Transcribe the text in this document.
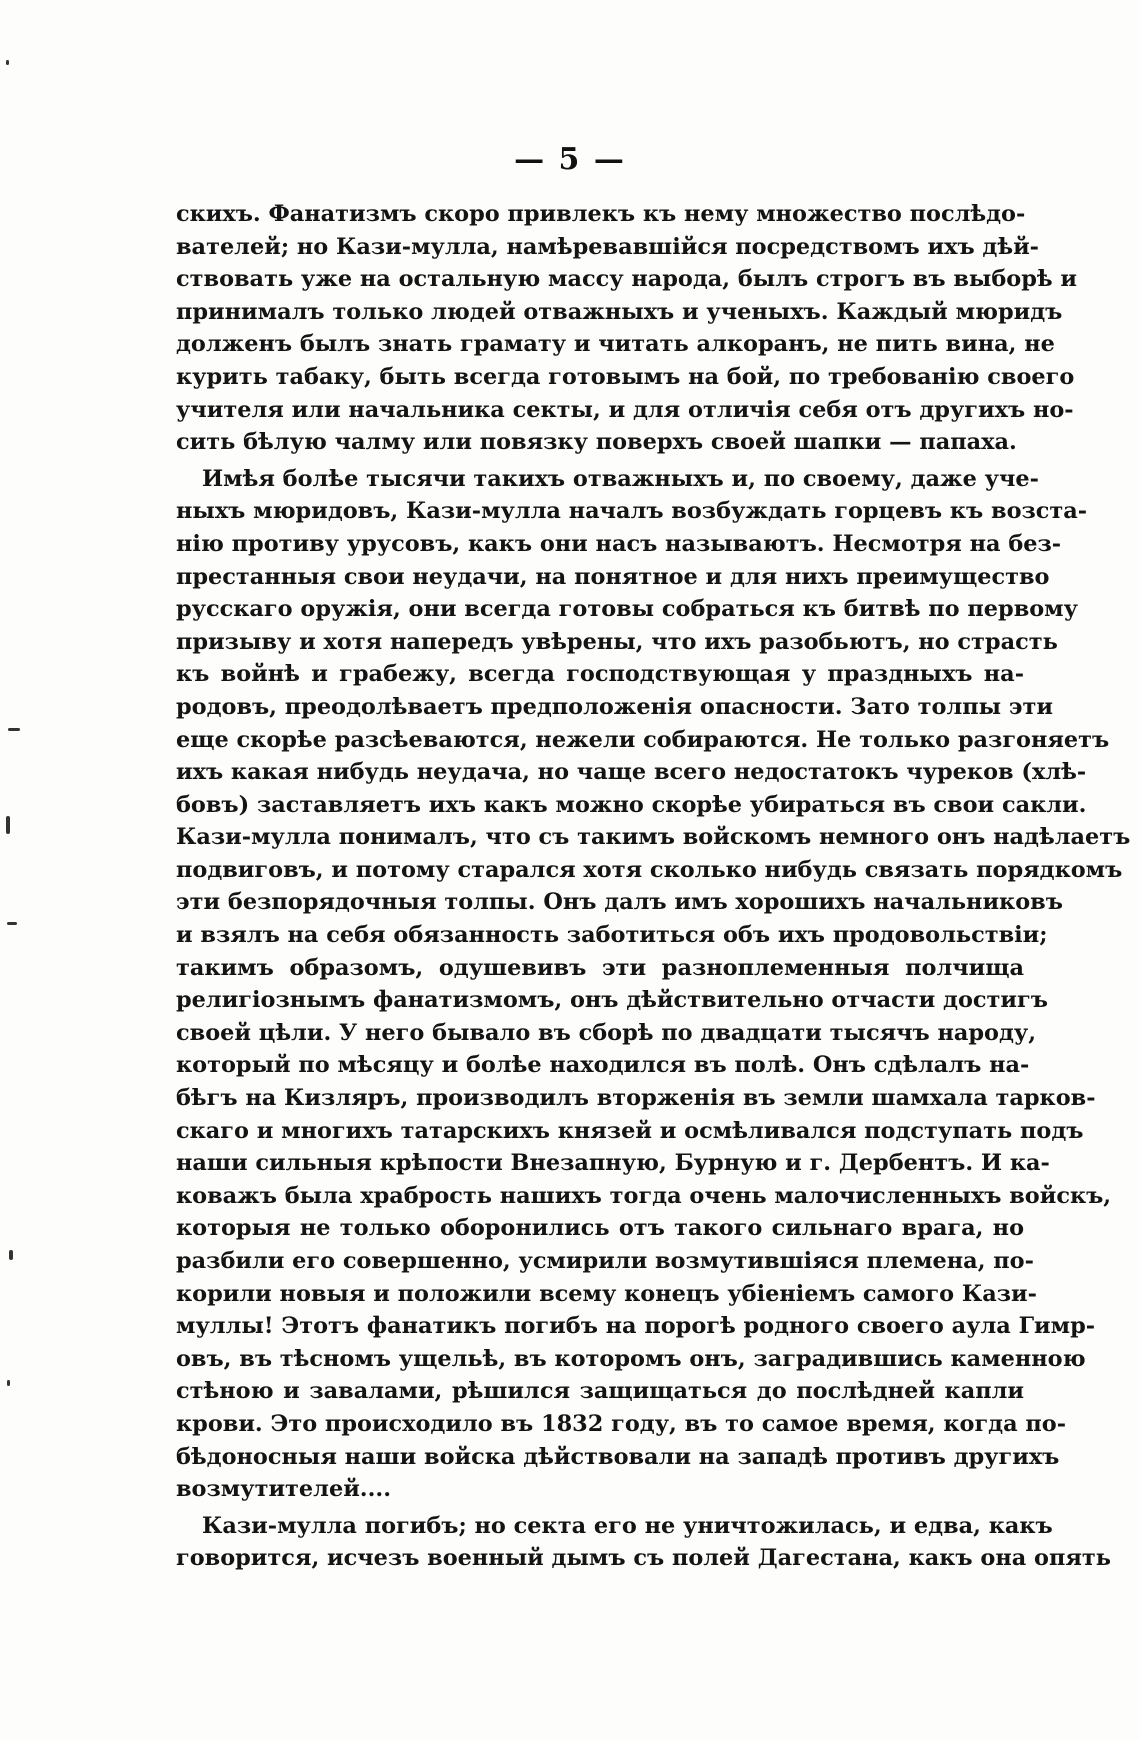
— 5 —
скихъ. Фанатизмъ скоро привлекъ къ нему множество послѣдо-
вателей; но Кази-мулла, намѣревавшійся посредствомъ ихъ дѣй-
ствовать уже на остальную массу народа, былъ строгъ въ выборѣ и
принималъ только людей отважныхъ и ученыхъ. Каждый мюридъ
долженъ былъ знать грамату и читать алкоранъ, не пить вина, не
курить табаку, быть всегда готовымъ на бой, по требованію своего
учителя или начальника секты, и для отличія себя отъ другихъ но-
сить бѣлую чалму или повязку поверхъ своей шапки — папаха.
Имѣя болѣе тысячи такихъ отважныхъ и, по своему, даже уче-
ныхъ мюридовъ, Кази-мулла началъ возбуждать горцевъ къ возста-
нію противу урусовъ, какъ они насъ называютъ. Несмотря на без-
престанныя свои неудачи, на понятное и для нихъ преимущество
русскаго оружія, они всегда готовы собраться къ битвѣ по первому
призыву и хотя напередъ увѣрены, что ихъ разобьютъ, но страсть
къ войнѣ и грабежу, всегда господствующая у праздныхъ на-
родовъ, преодолѣваетъ предположенія опасности. Зато толпы эти
еще скорѣе разсѣеваются, нежели собираются. Не только разгоняетъ
ихъ какая нибудь неудача, но чаще всего недостатокъ чуреков (хлѣ-
бовъ) заставляетъ ихъ какъ можно скорѣе убираться въ свои сакли.
Кази-мулла понималъ, что съ такимъ войскомъ немного онъ надѣлаетъ
подвиговъ, и потому старался хотя сколько нибудь связать порядкомъ
эти безпорядочныя толпы. Онъ далъ имъ хорошихъ начальниковъ
и взялъ на себя обязанность заботиться объ ихъ продовольствіи;
такимъ образомъ, одушевивъ эти разноплеменныя полчища
религіознымъ фанатизмомъ, онъ дѣйствительно отчасти достигъ
своей цѣли. У него бывало въ сборѣ по двадцати тысячъ народу,
который по мѣсяцу и болѣе находился въ полѣ. Онъ сдѣлалъ на-
бѣгъ на Кизляръ, производилъ вторженія въ земли шамхала тарков-
скаго и многихъ татарскихъ князей и осмѣливался подступать подъ
наши сильныя крѣпости Внезапную, Бурную и г. Дербентъ. И ка-
коважъ была храбрость нашихъ тогда очень малочисленныхъ войскъ,
которыя не только оборонились отъ такого сильнаго врага, но
разбили его совершенно, усмирили возмутившіяся племена, по-
корили новыя и положили всему конецъ убіеніемъ самого Кази-
муллы! Этотъ фанатикъ погибъ на порогѣ родного своего аула Гимр-
овъ, въ тѣсномъ ущельѣ, въ которомъ онъ, заградившись каменною
стѣною и завалами, рѣшился защищаться до послѣдней капли
крови. Это происходило въ 1832 году, въ то самое время, когда по-
бѣдоносныя наши войска дѣйствовали на западѣ противъ другихъ
возмутителей....
Кази-мулла погибъ; но секта его не уничтожилась, и едва, какъ
говорится, исчезъ военный дымъ съ полей Дагестана, какъ она опять
